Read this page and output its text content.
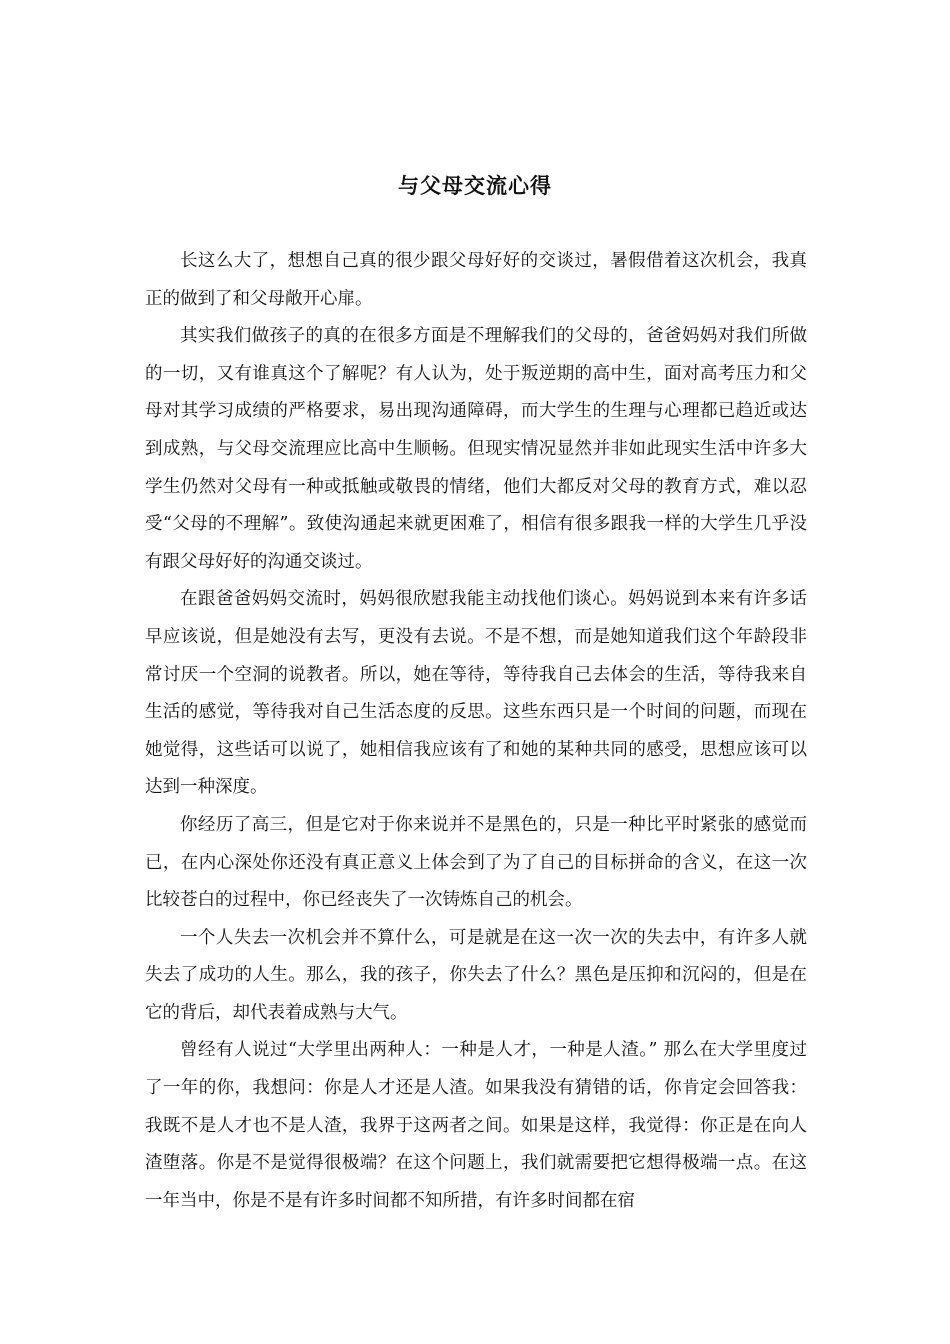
与父母交流心得

长这么大了，想想自己真的很少跟父母好好的交谈过，暑假借着这次机会，我真正的做到了和父母敞开心扉。

其实我们做孩子的真的在很多方面是不理解我们的父母的，爸爸妈妈对我们所做的一切，又有谁真这个了解呢？有人认为，处于叛逆期的高中生，面对高考压力和父母对其学习成绩的严格要求，易出现沟通障碍，而大学生的生理与心理都已趋近或达到成熟，与父母交流理应比高中生顺畅。但现实情况显然并非如此现实生活中许多大学生仍然对父母有一种或抵触或敬畏的情绪，他们大都反对父母的教育方式，难以忍受“父母的不理解”。致使沟通起来就更困难了，相信有很多跟我一样的大学生几乎没有跟父母好好的沟通交谈过。

在跟爸爸妈妈交流时，妈妈很欣慰我能主动找他们谈心。妈妈说到本来有许多话早应该说，但是她没有去写，更没有去说。不是不想，而是她知道我们这个年龄段非常讨厌一个空洞的说教者。所以，她在等待，等待我自己去体会的生活，等待我来自生活的感觉，等待我对自己生活态度的反思。这些东西只是一个时间的问题，而现在她觉得，这些话可以说了，她相信我应该有了和她的某种共同的感受，思想应该可以达到一种深度。

你经历了高三，但是它对于你来说并不是黑色的，只是一种比平时紧张的感觉而已，在内心深处你还没有真正意义上体会到了为了自己的目标拼命的含义，在这一次比较苍白的过程中，你已经丧失了一次铸炼自己的机会。

一个人失去一次机会并不算什么，可是就是在这一次一次的失去中，有许多人就失去了成功的人生。那么，我的孩子，你失去了什么？黑色是压抑和沉闷的，但是在它的背后，却代表着成熟与大气。

曾经有人说过“大学里出两种人：一种是人才，一种是人渣。” 那么在大学里度过了一年的你，我想问：你是人才还是人渣。如果我没有猜错的话，你肯定会回答我：我既不是人才也不是人渣，我界于这两者之间。如果是这样，我觉得：你正是在向人渣堕落。你是不是觉得很极端？在这个问题上，我们就需要把它想得极端一点。在这一年当中，你是不是有许多时间都不知所措，有许多时间都在宿
